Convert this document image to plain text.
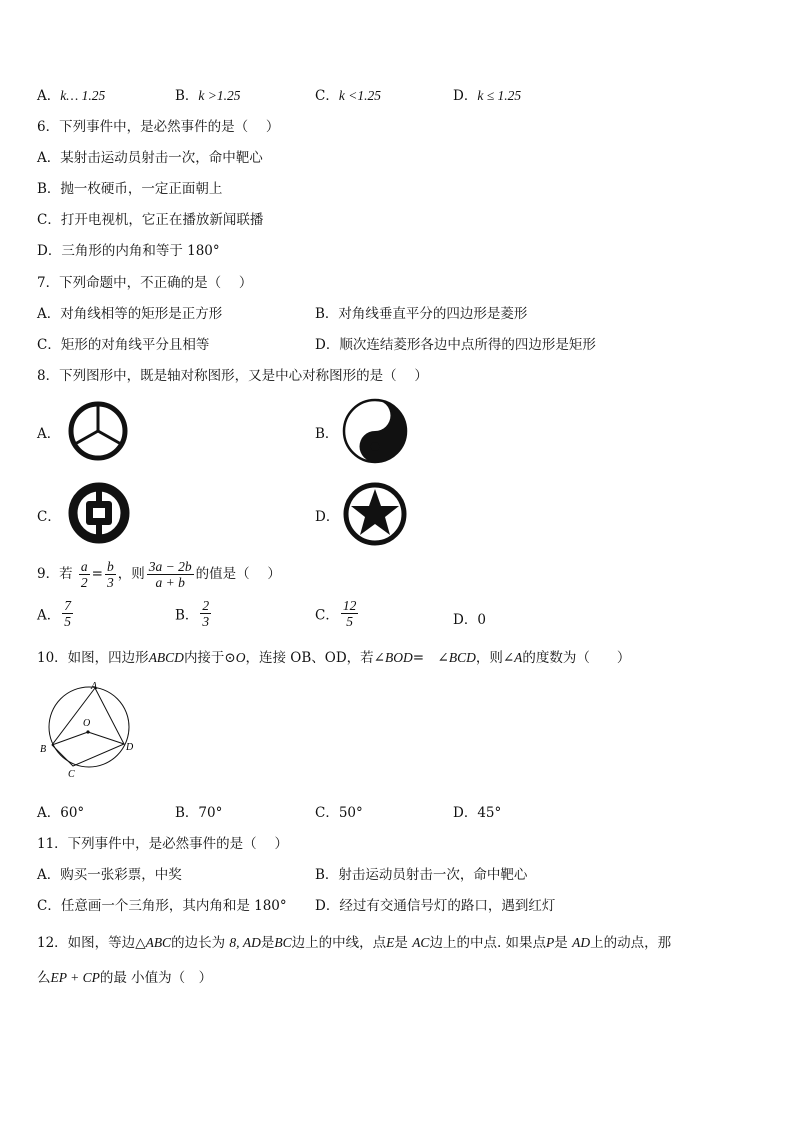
A．k… 1.25	B．k >1.25	C．k <1.25	D．k ≤ 1.25
6．下列事件中，是必然事件的是（　 ）
A．某射击运动员射击一次，命中靶心
B．抛一枚硬币，一定正面朝上
C．打开电视机，它正在播放新闻联播
D．三角形的内角和等于 180°
7．下列命题中，不正确的是（　 ）
A．对角线相等的矩形是正方形	B．对角线垂直平分的四边形是菱形
C．矩形的对角线平分且相等	D．顺次连结菱形各边中点所得的四边形是矩形
8．下列图形中，既是轴对称图形，又是中心对称图形的是（　 ）
A．	B．
C．	D．
9．若 $\frac{a}{2} = \frac{b}{3}$ ，则 $\frac{3a - 2b}{a + b}$ 的值是（　 ）
A． $\frac{7}{5}$	B． $\frac{2}{3}$	C． $\frac{12}{5}$	D．0
10．如图，四边形ABCD内接于⊙O，连接 OB、OD，若∠BOD=　∠BCD，则∠A的度数为（　　）
A
B
C
D
O
A．60°	B．70°	C．50°	D．45°
11．下列事件中，是必然事件的是（　 ）
A．购买一张彩票，中奖	B．射击运动员射击一次，命中靶心
C．任意画一个三角形，其内角和是 180° D．经过有交通信号灯的路口，遇到红灯
12．如图，等边△ABC的边长为 8, AD是BC边上的中线，点E是 AC边上的中点. 如果点P是 AD上的动点，那
么EP + CP的最 小值为（　）
